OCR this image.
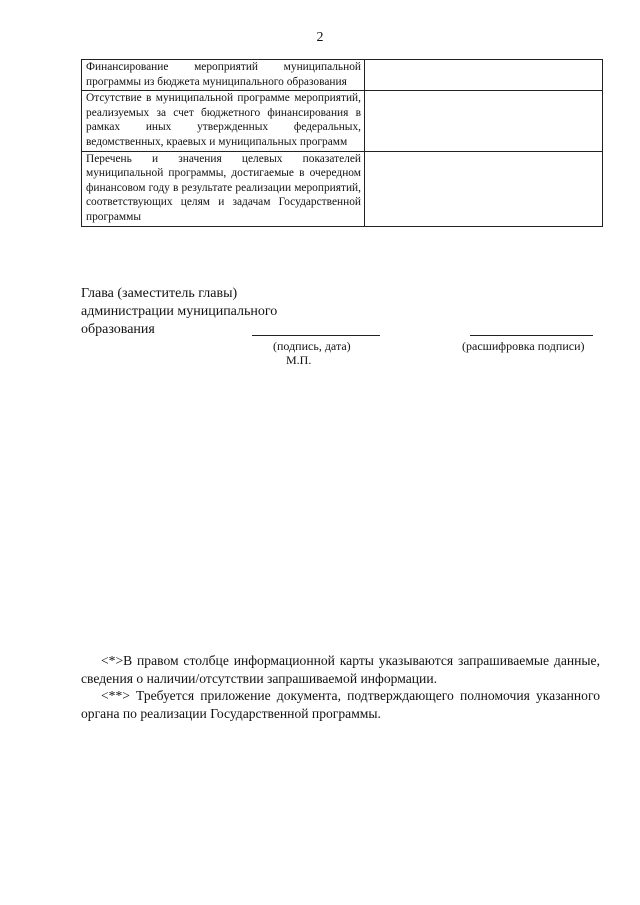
2
Финансирование мероприятий муниципальной программы из бюджета муниципального образования	
Отсутствие в муниципальной программе мероприятий, реализуемых за счет бюджетного финансирования в рамках иных утвержденных федеральных, ведомственных, краевых и муниципальных программ	
Перечень и значения целевых показателей муниципальной программы, достигаемые в очередном финансовом году в результате реализации мероприятий, соответствующих целям и задачам Государственной программы	
Глава (заместитель главы)
администрации муниципального
образования
(подпись, дата)
М.П.
(расшифровка подписи)

<*>В правом столбце информационной карты указываются запрашиваемые данные, сведения о наличии/отсутствии запрашиваемой информации.

<**> Требуется приложение документа, подтверждающего полномочия указанного органа по реализации Государственной программы.
